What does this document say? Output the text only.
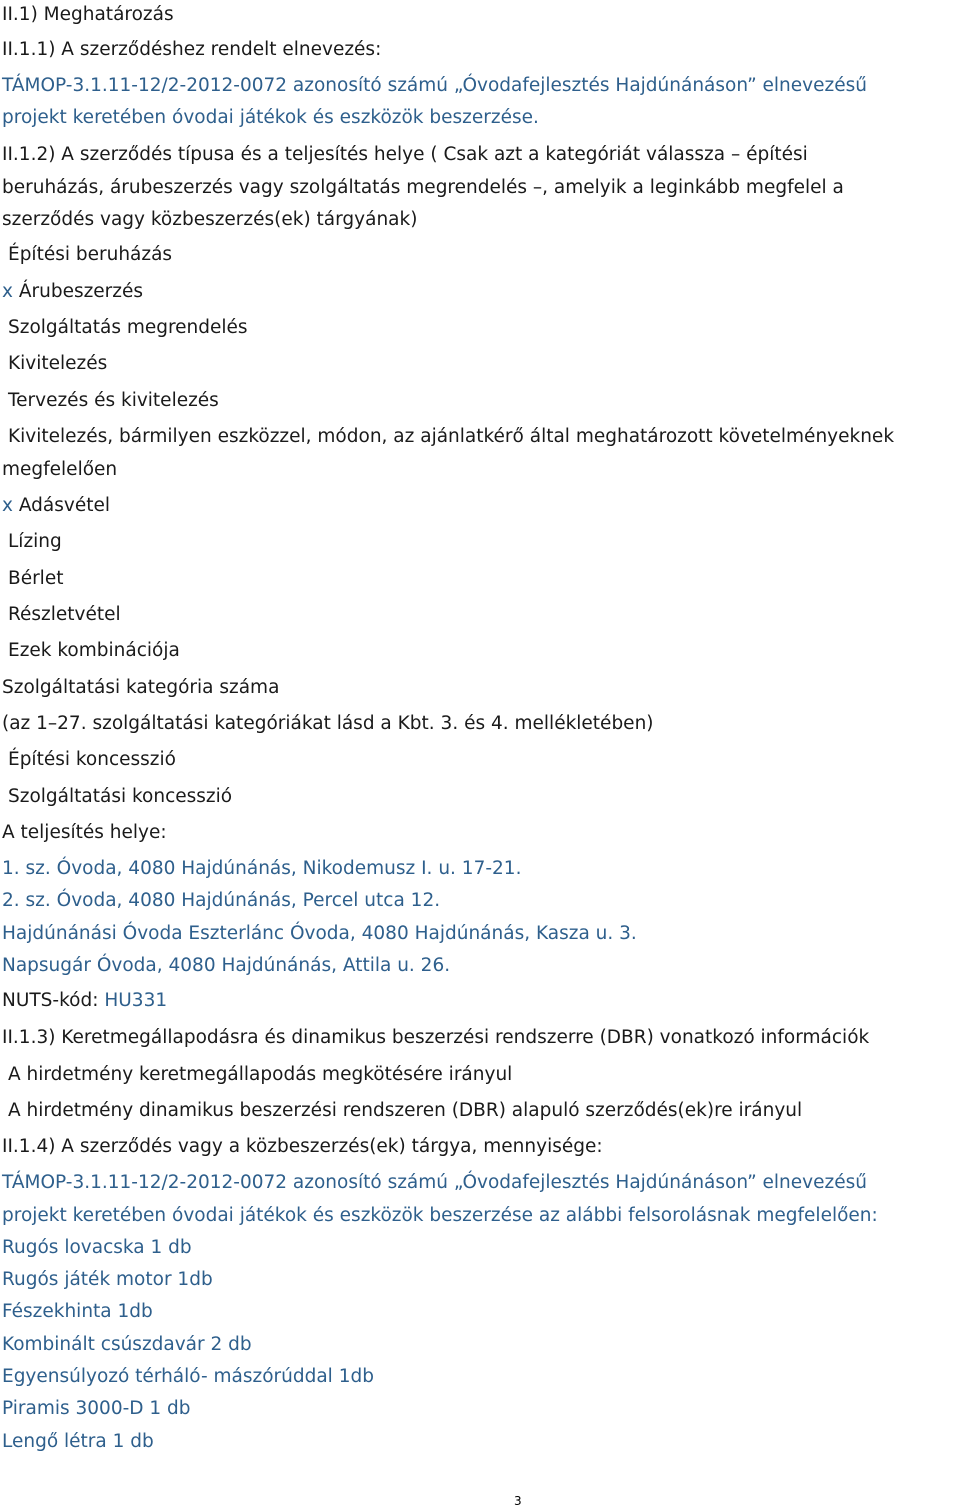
II.1) Meghatározás
II.1.1) A szerződéshez rendelt elnevezés:
TÁMOP-3.1.11-12/2-2012-0072 azonosító számú „Óvodafejlesztés Hajdúnánáson” elnevezésű
projekt keretében óvodai játékok és eszközök beszerzése.
II.1.2) A szerződés típusa és a teljesítés helye ( Csak azt a kategóriát válassza – építési
beruházás, árubeszerzés vagy szolgáltatás megrendelés –, amelyik a leginkább megfelel a
szerződés vagy közbeszerzés(ek) tárgyának)
Építési beruházás
x Árubeszerzés
Szolgáltatás megrendelés
Kivitelezés
Tervezés és kivitelezés
Kivitelezés, bármilyen eszközzel, módon, az ajánlatkérő által meghatározott követelményeknek
megfelelően
x Adásvétel
Lízing
Bérlet
Részletvétel
Ezek kombinációja
Szolgáltatási kategória száma
(az 1–27. szolgáltatási kategóriákat lásd a Kbt. 3. és 4. mellékletében)
Építési koncesszió
Szolgáltatási koncesszió
A teljesítés helye:
1. sz. Óvoda, 4080 Hajdúnánás, Nikodemusz I. u. 17-21.
2. sz. Óvoda, 4080 Hajdúnánás, Percel utca 12.
Hajdúnánási Óvoda Eszterlánc Óvoda, 4080 Hajdúnánás, Kasza u. 3.
Napsugár Óvoda, 4080 Hajdúnánás, Attila u. 26.
NUTS-kód: HU331
II.1.3) Keretmegállapodásra és dinamikus beszerzési rendszerre (DBR) vonatkozó információk
A hirdetmény keretmegállapodás megkötésére irányul
A hirdetmény dinamikus beszerzési rendszeren (DBR) alapuló szerződés(ek)re irányul
II.1.4) A szerződés vagy a közbeszerzés(ek) tárgya, mennyisége:
TÁMOP-3.1.11-12/2-2012-0072 azonosító számú „Óvodafejlesztés Hajdúnánáson” elnevezésű
projekt keretében óvodai játékok és eszközök beszerzése az alábbi felsorolásnak megfelelően:
Rugós lovacska 1 db
Rugós játék motor 1db
Fészekhinta 1db
Kombinált csúszdavár 2 db
Egyensúlyozó térháló- mászórúddal 1db
Piramis 3000-D 1 db
Lengő létra 1 db
3
